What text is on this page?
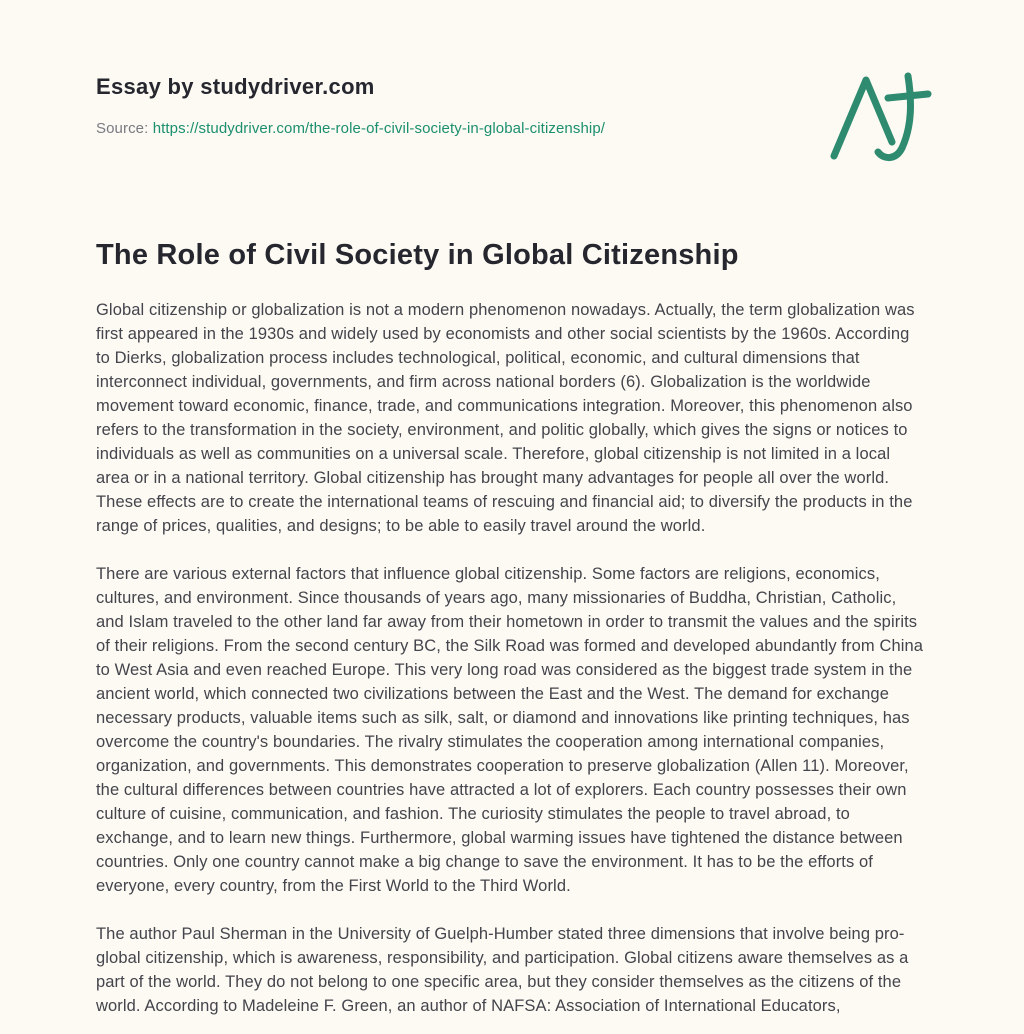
Essay by studydriver.com
Source: https://studydriver.com/the-role-of-civil-society-in-global-citizenship/
The Role of Civil Society in Global Citizenship

Global citizenship or globalization is not a modern phenomenon nowadays. Actually, the term globalization was first appeared in the 1930s and widely used by economists and other social scientists by the 1960s. According to Dierks, globalization process includes technological, political, economic, and cultural dimensions that interconnect individual, governments, and firm across national borders (6). Globalization is the worldwide movement toward economic, finance, trade, and communications integration. Moreover, this phenomenon also refers to the transformation in the society, environment, and politic globally, which gives the signs or notices to individuals as well as communities on a universal scale. Therefore, global citizenship is not limited in a local area or in a national territory. Global citizenship has brought many advantages for people all over the world. These effects are to create the international teams of rescuing and financial aid; to diversify the products in the range of prices, qualities, and designs; to be able to easily travel around the world.

There are various external factors that influence global citizenship. Some factors are religions, economics, cultures, and environment. Since thousands of years ago, many missionaries of Buddha, Christian, Catholic, and Islam traveled to the other land far away from their hometown in order to transmit the values and the spirits of their religions. From the second century BC, the Silk Road was formed and developed abundantly from China to West Asia and even reached Europe. This very long road was considered as the biggest trade system in the ancient world, which connected two civilizations between the East and the West. The demand for exchange necessary products, valuable items such as silk, salt, or diamond and innovations like printing techniques, has overcome the country's boundaries. The rivalry stimulates the cooperation among international companies, organization, and governments. This demonstrates cooperation to preserve globalization (Allen 11). Moreover, the cultural differences between countries have attracted a lot of explorers. Each country possesses their own culture of cuisine, communication, and fashion. The curiosity stimulates the people to travel abroad, to exchange, and to learn new things. Furthermore, global warming issues have tightened the distance between countries. Only one country cannot make a big change to save the environment. It has to be the efforts of everyone, every country, from the First World to the Third World.

The author Paul Sherman in the University of Guelph-Humber stated three dimensions that involve being pro-global citizenship, which is awareness, responsibility, and participation. Global citizens aware themselves as a part of the world. They do not belong to one specific area, but they consider themselves as the citizens of the world. According to Madeleine F. Green, an author of NAFSA: Association of International Educators,
